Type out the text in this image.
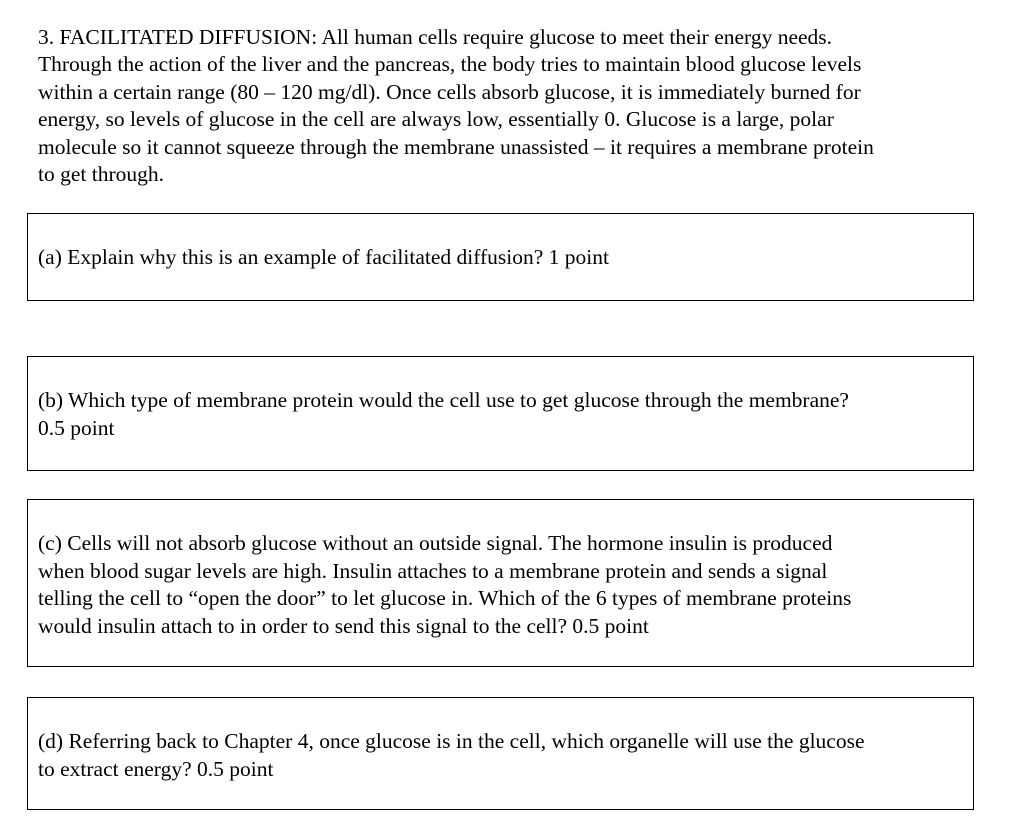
3. FACILITATED DIFFUSION: All human cells require glucose to meet their energy needs.
Through the action of the liver and the pancreas, the body tries to maintain blood glucose levels
within a certain range (80 – 120 mg/dl). Once cells absorb glucose, it is immediately burned for
energy, so levels of glucose in the cell are always low, essentially 0. Glucose is a large, polar
molecule so it cannot squeeze through the membrane unassisted – it requires a membrane protein
to get through.

(a) Explain why this is an example of facilitated diffusion? 1 point

(b) Which type of membrane protein would the cell use to get glucose through the membrane?
0.5 point

(c) Cells will not absorb glucose without an outside signal. The hormone insulin is produced
when blood sugar levels are high. Insulin attaches to a membrane protein and sends a signal
telling the cell to “open the door” to let glucose in. Which of the 6 types of membrane proteins
would insulin attach to in order to send this signal to the cell? 0.5 point

(d) Referring back to Chapter 4, once glucose is in the cell, which organelle will use the glucose
to extract energy? 0.5 point
